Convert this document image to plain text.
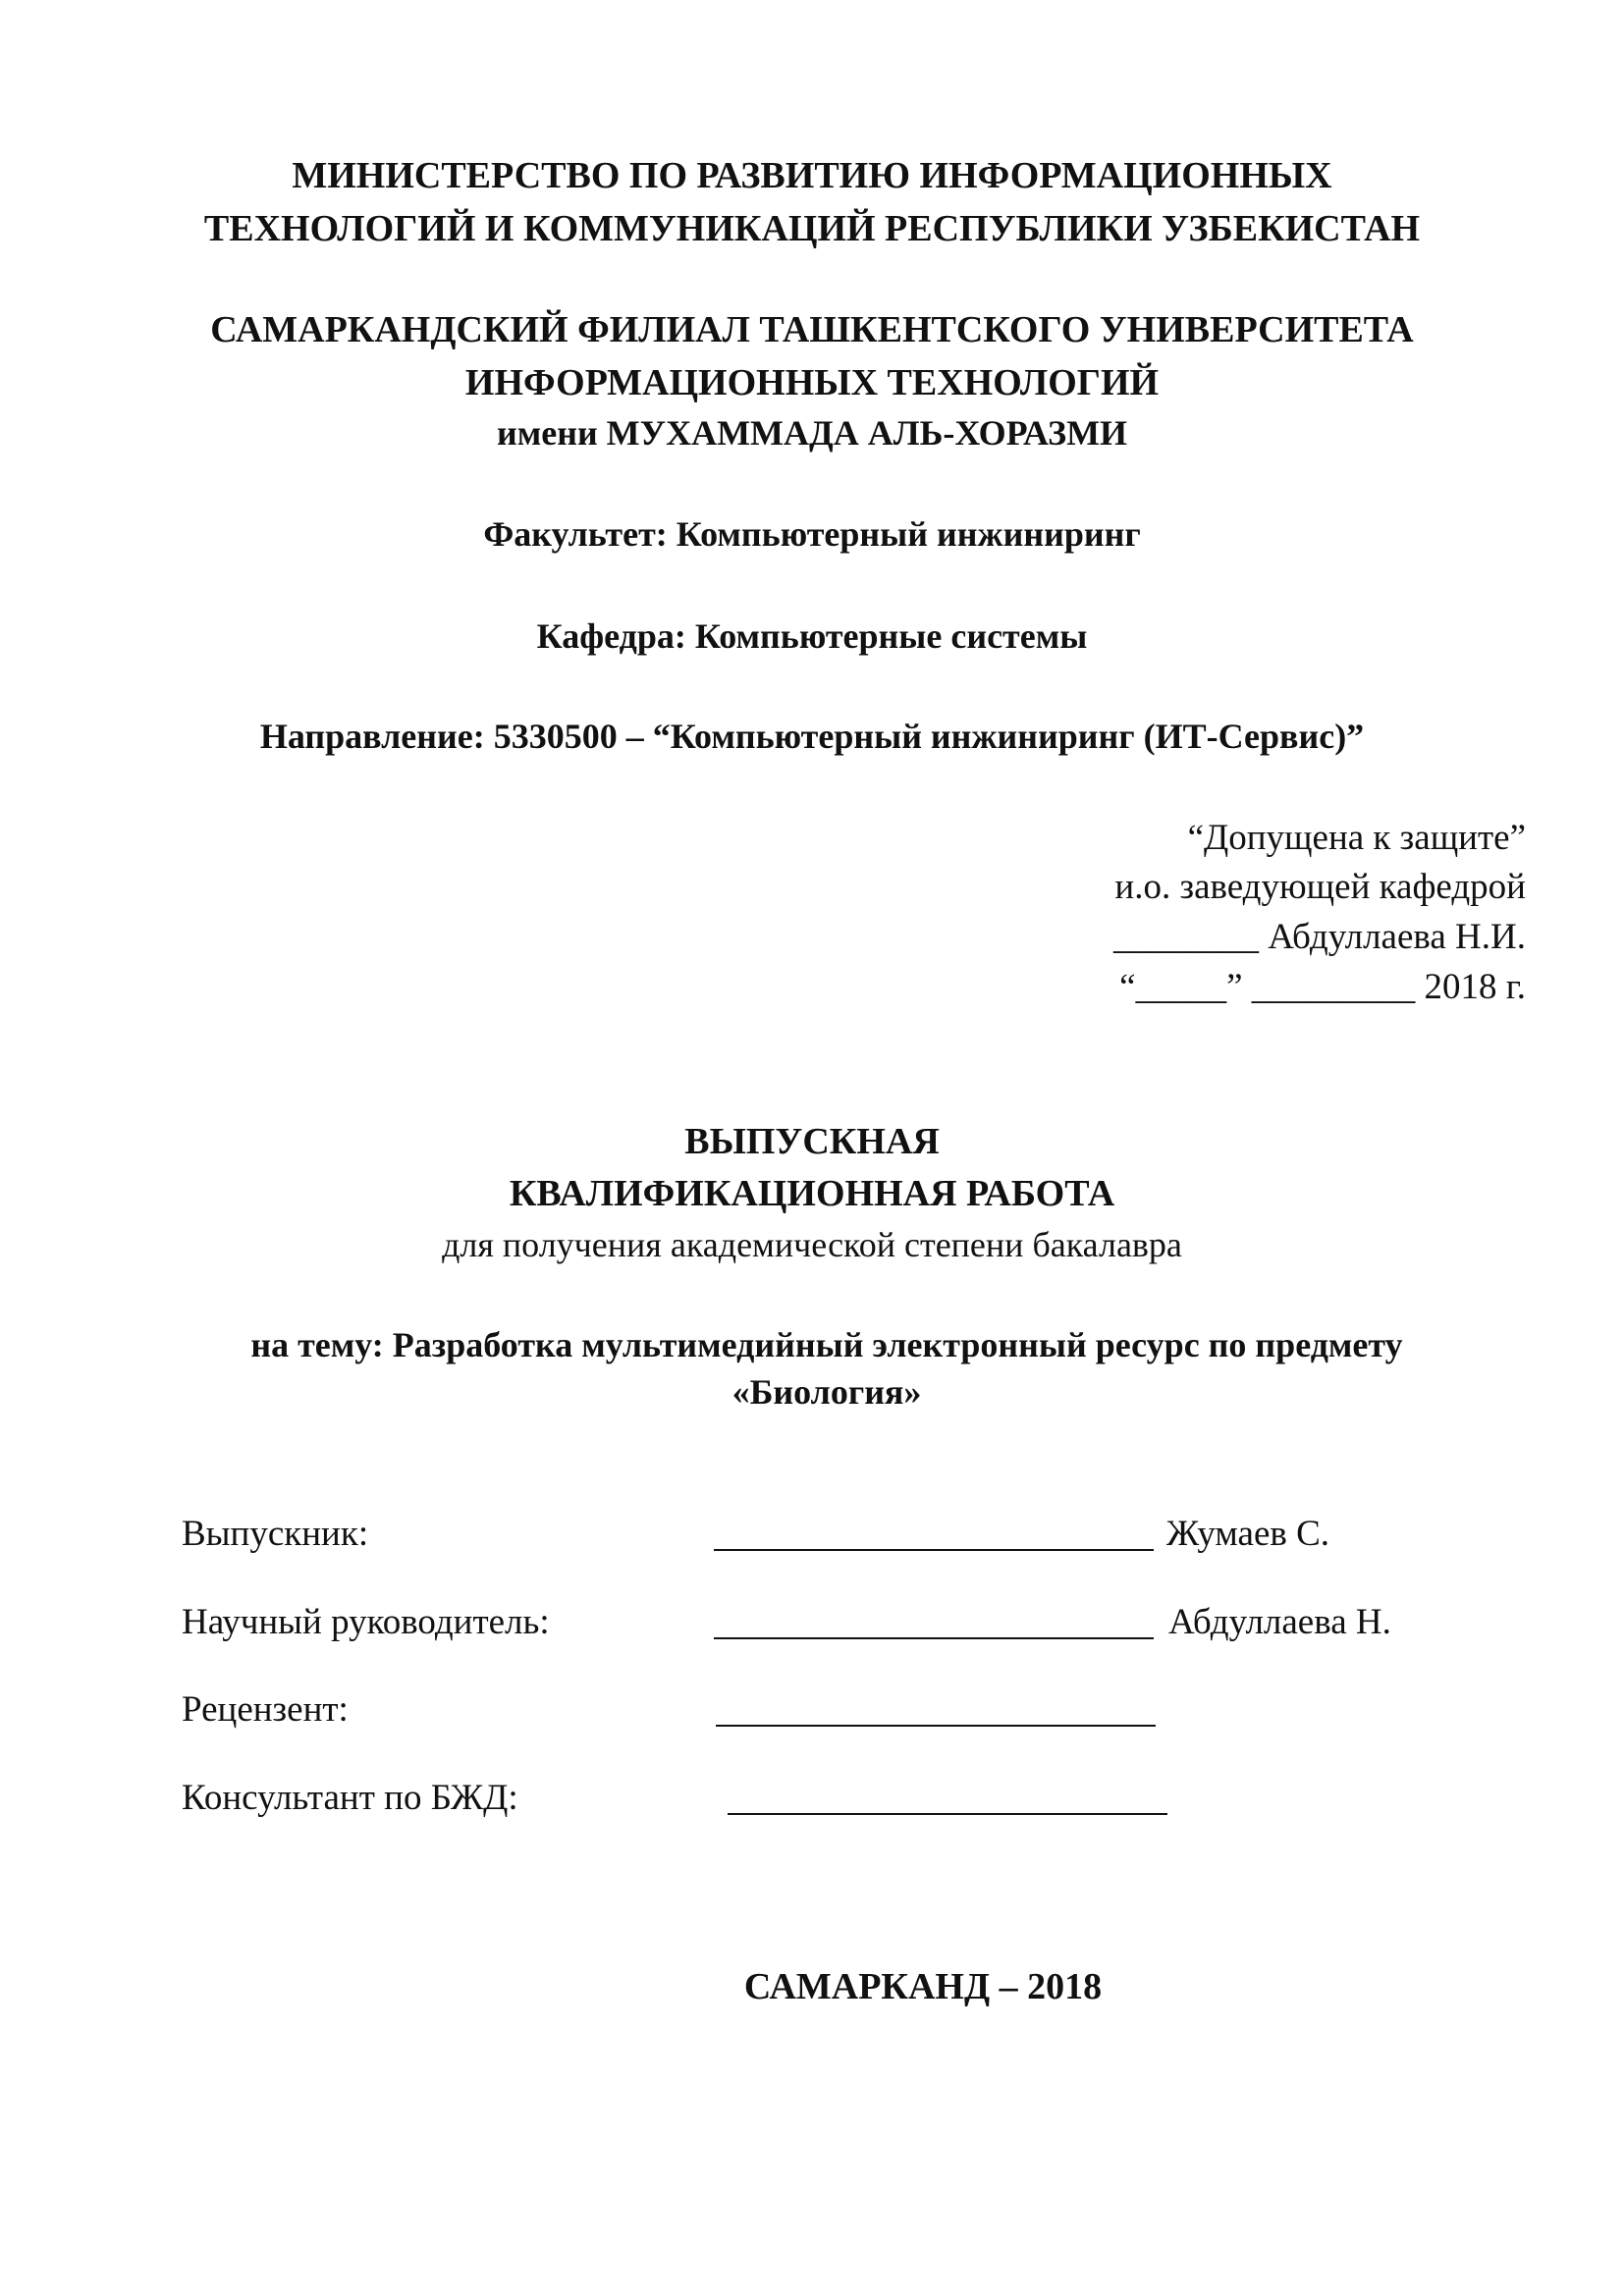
МИНИСТЕРСТВО ПО РАЗВИТИЮ ИНФОРМАЦИОННЫХ
ТЕХНОЛОГИЙ И КОММУНИКАЦИЙ РЕСПУБЛИКИ УЗБЕКИСТАН
САМАРКАНДСКИЙ ФИЛИАЛ ТАШКЕНТСКОГО УНИВЕРСИТЕТА
ИНФОРМАЦИОННЫХ ТЕХНОЛОГИЙ
имени МУХАММАДА АЛЬ-ХОРАЗМИ
Факультет: Компьютерный инжиниринг
Кафедра: Компьютерные системы
Направление: 5330500 – “Компьютерный инжиниринг (ИТ-Сервис)”
“Допущена к защите”
и.о. заведующей кафедрой
________ Абдуллаева Н.И.
“_____” _________ 2018 г.
ВЫПУСКНАЯ
КВАЛИФИКАЦИОННАЯ РАБОТА
для получения академической степени бакалавра
на тему: Разработка мультимедийный электронный ресурс по предмету
«Биология»
Выпускник:	Жумаев С.
Научный руководитель:	Абдуллаева Н.
Рецензент:
Консультант по БЖД:
САМАРКАНД – 2018
